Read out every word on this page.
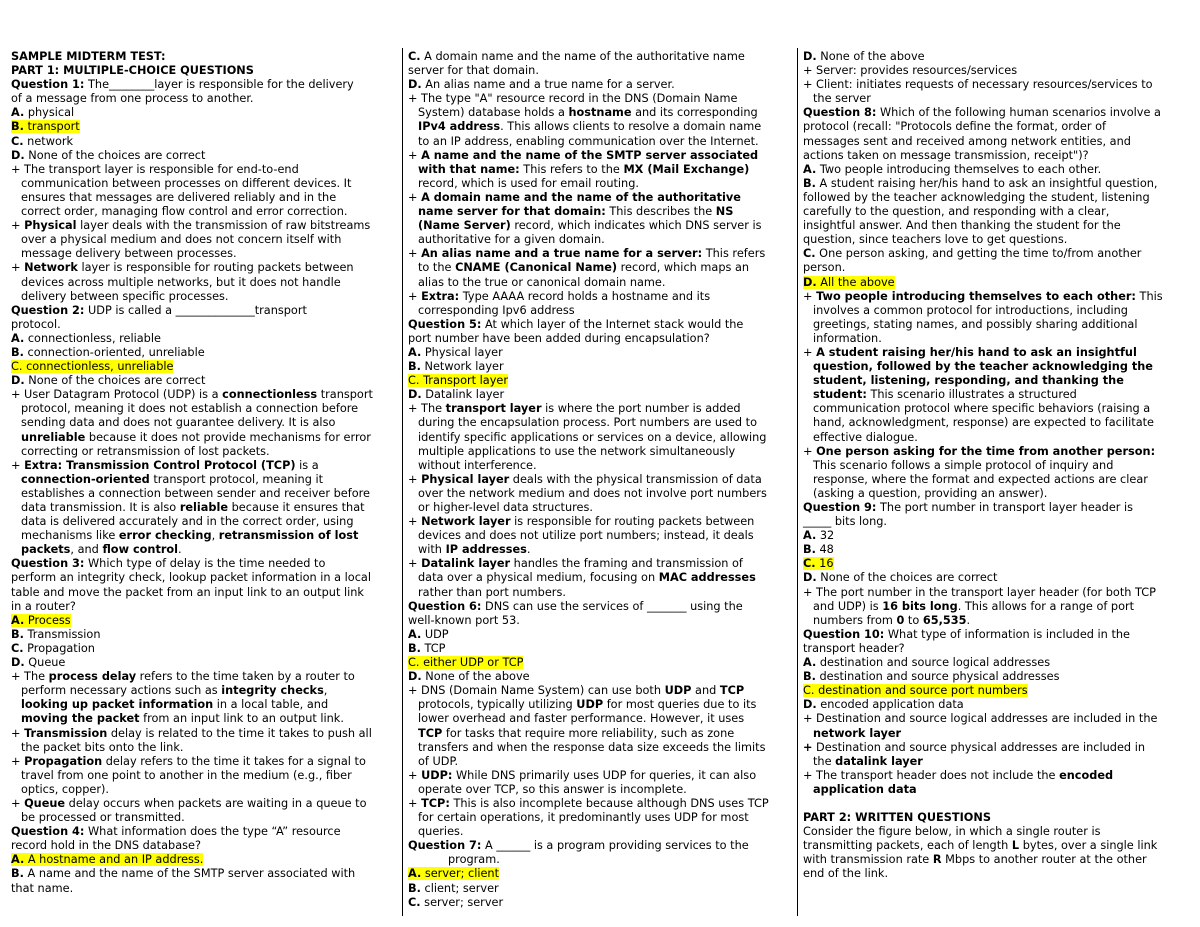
SAMPLE MIDTERM TEST:
PART 1: MULTIPLE-CHOICE QUESTIONS
Question 1: The________layer is responsible for the delivery
of a message from one process to another.
A. physical
B. transport
C. network
D. None of the choices are correct
+ The transport layer is responsible for end-to-end
communication between processes on different devices. It
ensures that messages are delivered reliably and in the
correct order, managing flow control and error correction.
+ Physical layer deals with the transmission of raw bitstreams
over a physical medium and does not concern itself with
message delivery between processes.
+ Network layer is responsible for routing packets between
devices across multiple networks, but it does not handle
delivery between specific processes.
Question 2: UDP is called a ______________transport
protocol.
A. connectionless, reliable
B. connection-oriented, unreliable
C. connectionless, unreliable
D. None of the choices are correct
+ User Datagram Protocol (UDP) is a connectionless transport
protocol, meaning it does not establish a connection before
sending data and does not guarantee delivery. It is also
unreliable because it does not provide mechanisms for error
correcting or retransmission of lost packets.
+ Extra: Transmission Control Protocol (TCP) is a
connection-oriented transport protocol, meaning it
establishes a connection between sender and receiver before
data transmission. It is also reliable because it ensures that
data is delivered accurately and in the correct order, using
mechanisms like error checking, retransmission of lost
packets, and flow control.
Question 3: Which type of delay is the time needed to
perform an integrity check, lookup packet information in a local
table and move the packet from an input link to an output link
in a router?
A. Process
B. Transmission
C. Propagation
D. Queue
+ The process delay refers to the time taken by a router to
perform necessary actions such as integrity checks,
looking up packet information in a local table, and
moving the packet from an input link to an output link.
+ Transmission delay is related to the time it takes to push all
the packet bits onto the link.
+ Propagation delay refers to the time it takes for a signal to
travel from one point to another in the medium (e.g., fiber
optics, copper).
+ Queue delay occurs when packets are waiting in a queue to
be processed or transmitted.
Question 4: What information does the type “A” resource
record hold in the DNS database?
A. A hostname and an IP address.
B. A name and the name of the SMTP server associated with
that name.
C. A domain name and the name of the authoritative name
server for that domain.
D. An alias name and a true name for a server.
+ The type "A" resource record in the DNS (Domain Name
System) database holds a hostname and its corresponding
IPv4 address. This allows clients to resolve a domain name
to an IP address, enabling communication over the Internet.
+ A name and the name of the SMTP server associated
with that name: This refers to the MX (Mail Exchange)
record, which is used for email routing.
+ A domain name and the name of the authoritative
name server for that domain: This describes the NS
(Name Server) record, which indicates which DNS server is
authoritative for a given domain.
+ An alias name and a true name for a server: This refers
to the CNAME (Canonical Name) record, which maps an
alias to the true or canonical domain name.
+ Extra: Type AAAA record holds a hostname and its
corresponding Ipv6 address
Question 5: At which layer of the Internet stack would the
port number have been added during encapsulation?
A. Physical layer
B. Network layer
C. Transport layer
D. Datalink layer
+ The transport layer is where the port number is added
during the encapsulation process. Port numbers are used to
identify specific applications or services on a device, allowing
multiple applications to use the network simultaneously
without interference.
+ Physical layer deals with the physical transmission of data
over the network medium and does not involve port numbers
or higher-level data structures.
+ Network layer is responsible for routing packets between
devices and does not utilize port numbers; instead, it deals
with IP addresses.
+ Datalink layer handles the framing and transmission of
data over a physical medium, focusing on MAC addresses
rather than port numbers.
Question 6: DNS can use the services of _______ using the
well-known port 53.
A. UDP
B. TCP
C. either UDP or TCP
D. None of the above
+ DNS (Domain Name System) can use both UDP and TCP
protocols, typically utilizing UDP for most queries due to its
lower overhead and faster performance. However, it uses
TCP for tasks that require more reliability, such as zone
transfers and when the response data size exceeds the limits
of UDP.
+ UDP: While DNS primarily uses UDP for queries, it can also
operate over TCP, so this answer is incomplete.
+ TCP: This is also incomplete because although DNS uses TCP
for certain operations, it predominantly uses UDP for most
queries.
Question 7: A ______ is a program providing services to the
program.
A. server; client
B. client; server
C. server; server
D. None of the above
+ Server: provides resources/services
+ Client: initiates requests of necessary resources/services to
the server
Question 8: Which of the following human scenarios involve a
protocol (recall: "Protocols define the format, order of
messages sent and received among network entities, and
actions taken on message transmission, receipt")?
A. Two people introducing themselves to each other.
B. A student raising her/his hand to ask an insightful question,
followed by the teacher acknowledging the student, listening
carefully to the question, and responding with a clear,
insightful answer. And then thanking the student for the
question, since teachers love to get questions.
C. One person asking, and getting the time to/from another
person.
D. All the above
+ Two people introducing themselves to each other: This
involves a common protocol for introductions, including
greetings, stating names, and possibly sharing additional
information.
+ A student raising her/his hand to ask an insightful
question, followed by the teacher acknowledging the
student, listening, responding, and thanking the
student: This scenario illustrates a structured
communication protocol where specific behaviors (raising a
hand, acknowledgment, response) are expected to facilitate
effective dialogue.
+ One person asking for the time from another person:
This scenario follows a simple protocol of inquiry and
response, where the format and expected actions are clear
(asking a question, providing an answer).
Question 9: The port number in transport layer header is
_____ bits long.
A. 32
B. 48
C. 16
D. None of the choices are correct
+ The port number in the transport layer header (for both TCP
and UDP) is 16 bits long. This allows for a range of port
numbers from 0 to 65,535.
Question 10: What type of information is included in the
transport header?
A. destination and source logical addresses
B. destination and source physical addresses
C. destination and source port numbers
D. encoded application data
+ Destination and source logical addresses are included in the
network layer
+ Destination and source physical addresses are included in
the datalink layer
+ The transport header does not include the encoded
application data
PART 2: WRITTEN QUESTIONS
Consider the figure below, in which a single router is
transmitting packets, each of length L bytes, over a single link
with transmission rate R Mbps to another router at the other
end of the link.
